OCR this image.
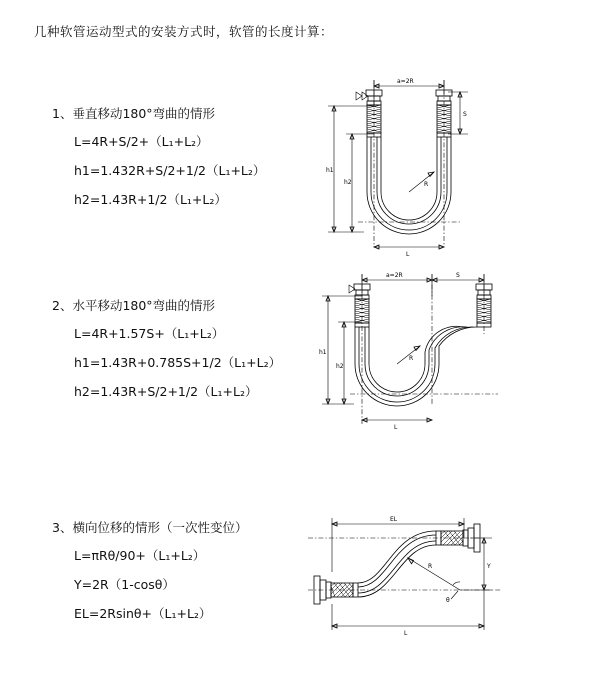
几种软管运动型式的安装方式时，软管的长度计算：
1、垂直移动180°弯曲的情形
L=4R+S/2+（L₁+L₂）
h1=1.432R+S/2+1/2（L₁+L₂）
h2=1.43R+1/2（L₁+L₂）
a=2R
S
h1
h2	R
L
2、水平移动180°弯曲的情形
L=4R+1.57S+（L₁+L₂）
h1=1.43R+0.785S+1/2（L₁+L₂）
h2=1.43R+S/2+1/2（L₁+L₂）
a=2R	S
h1
h2
R
L
3、横向位移的情形（一次性变位）
L=πRθ/90+（L₁+L₂）
Y=2R（1-cosθ）
EL=2Rsinθ+（L₁+L₂）
EL
Y
R
θ
L
